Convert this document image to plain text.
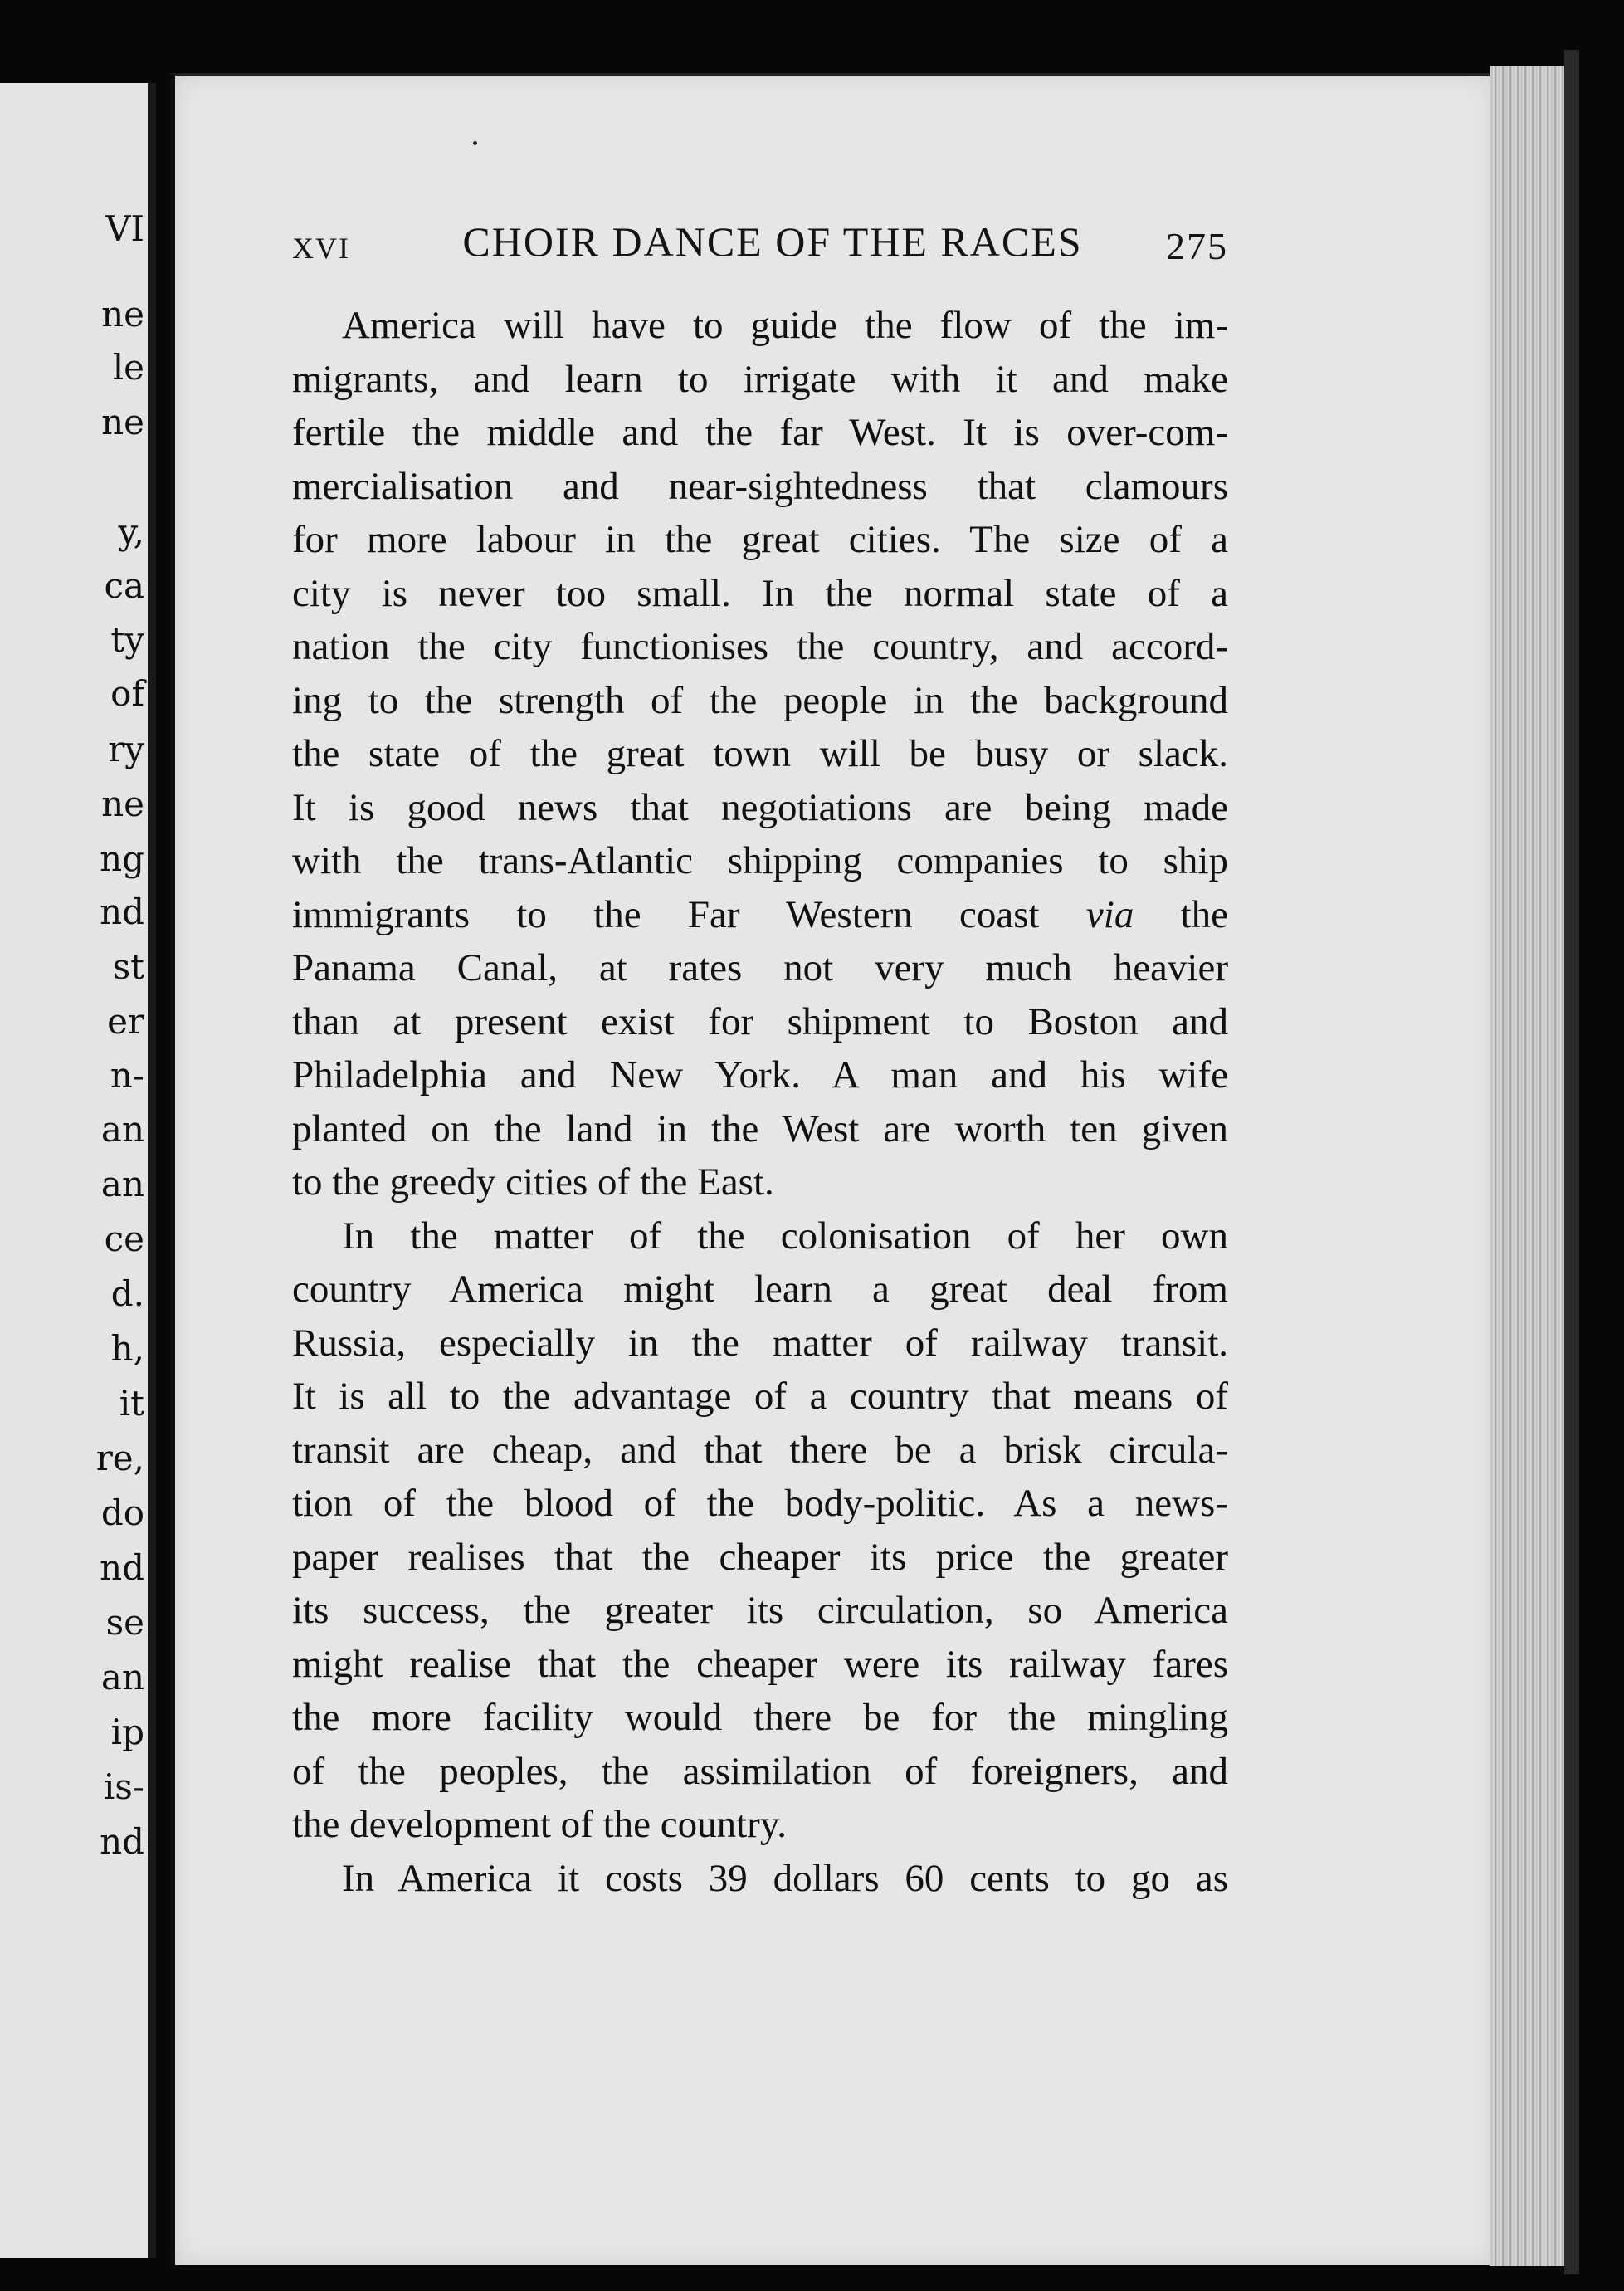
VI
ne
le
ne
y,
ca
ty
of
ry
ne
ng
nd
st
er
n-
an
an
ce
d.
h,
it
re,
do
nd
se
an
ip
is-
nd
XVI	CHOIR DANCE OF THE RACES	275
America will have to guide the flow of the im-
migrants, and learn to irrigate with it and make
fertile the middle and the far West. It is over-com-
mercialisation and near-sightedness that clamours
for more labour in the great cities. The size of a
city is never too small. In the normal state of a
nation the city functionises the country, and accord-
ing to the strength of the people in the background
the state of the great town will be busy or slack.
It is good news that negotiations are being made
with the tranѕ-Atlantic shipping companies to ship
immigrants to the Far Western coast via the
Panama Canal, at rates not very much heavier
than at present exist for shipment to Boston and
Philadelphia and New York. A man and his wife
planted on the land in the West are worth ten given
to the greedy cities of the East.
In the matter of the colonisation of her own
country America might learn a great deal from
Russia, especially in the matter of railway transit.
It is all to the advantage of a country that means of
transit are cheap, and that there be a brisk circula-
tion of the blood of the body-politic. As a news-
paper realises that the cheaper its price the greater
its success, the greater its circulation, so America
might realise that the cheaper were its railway fares
the more facility would there be for the mingling
of the peoples, the assimilation of foreigners, and
the development of the country.
In America it costs 39 dollars 60 cents to go as
